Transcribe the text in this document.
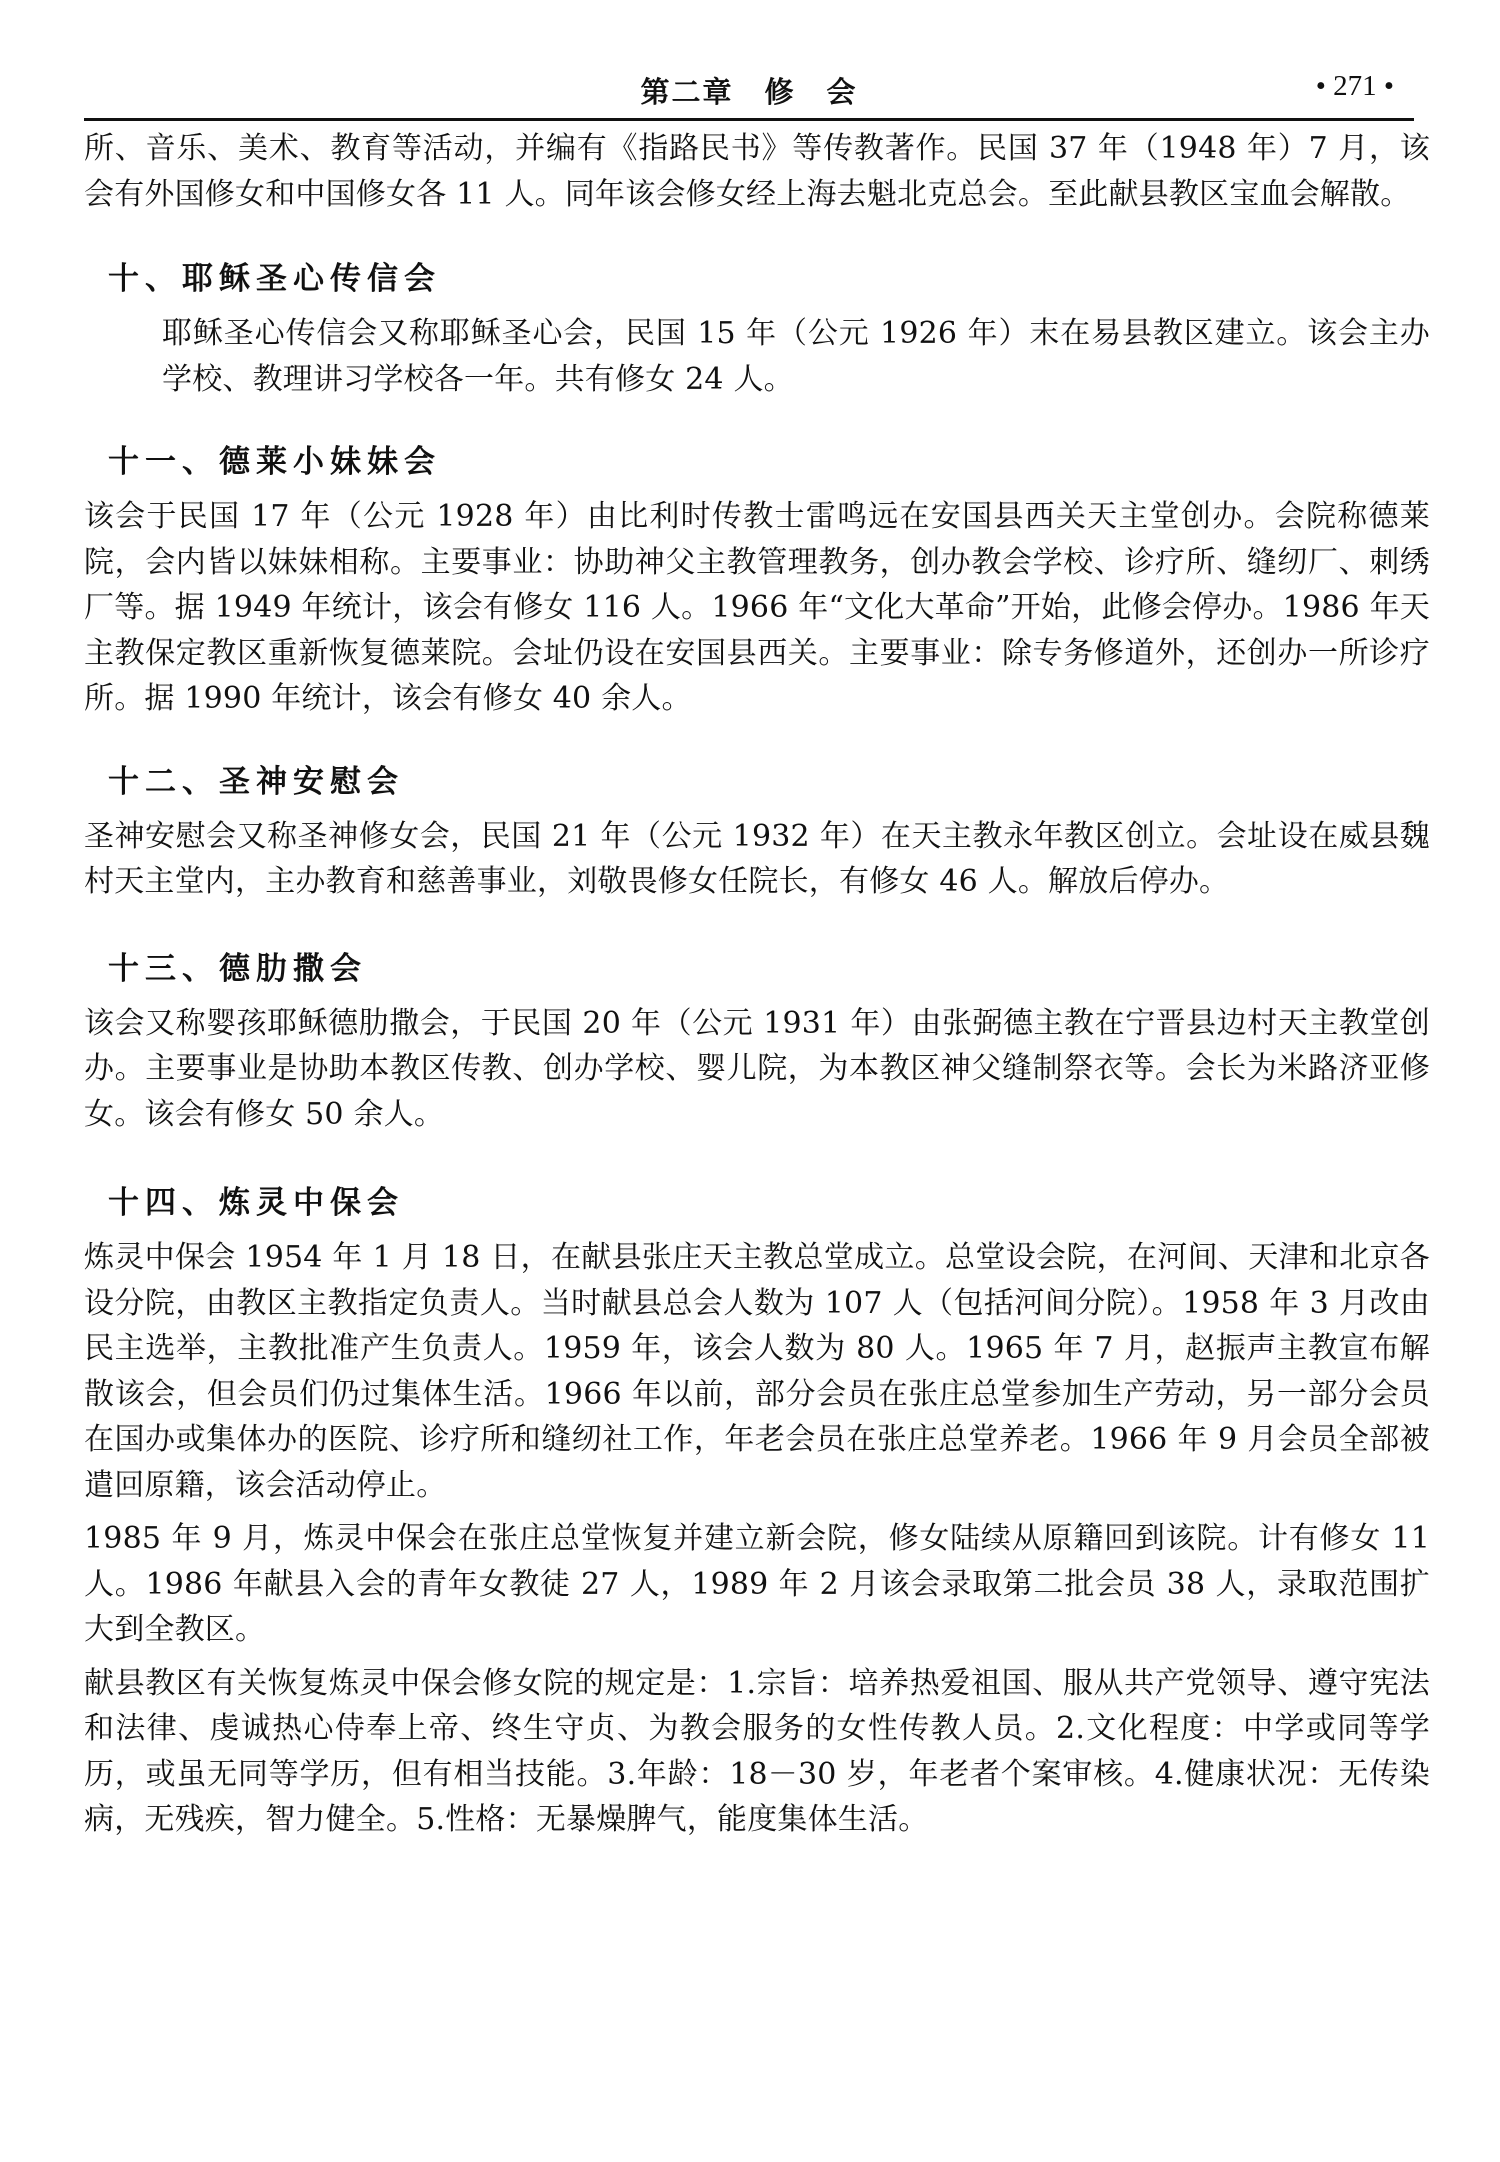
第二章　修　会	• 271 •

所、音乐、美术、教育等活动，并编有《指路民书》等传教著作。民国 37 年（1948 年）7 月，该会有外国修女和中国修女各 11 人。同年该会修女经上海去魁北克总会。至此献县教区宝血会解散。

十、耶稣圣心传信会

耶稣圣心传信会又称耶稣圣心会，民国 15 年（公元 1926 年）末在易县教区建立。该会主办学校、教理讲习学校各一年。共有修女 24 人。

十一、德莱小妹妹会

该会于民国 17 年（公元 1928 年）由比利时传教士雷鸣远在安国县西关天主堂创办。会院称德莱院，会内皆以妹妹相称。主要事业：协助神父主教管理教务，创办教会学校、诊疗所、缝纫厂、刺绣厂等。据 1949 年统计，该会有修女 116 人。1966 年“文化大革命”开始，此修会停办。1986 年天主教保定教区重新恢复德莱院。会址仍设在安国县西关。主要事业：除专务修道外，还创办一所诊疗所。据 1990 年统计，该会有修女 40 余人。

十二、圣神安慰会

圣神安慰会又称圣神修女会，民国 21 年（公元 1932 年）在天主教永年教区创立。会址设在威县魏村天主堂内，主办教育和慈善事业，刘敬畏修女任院长，有修女 46 人。解放后停办。

十三、德肋撒会

该会又称婴孩耶稣德肋撒会，于民国 20 年（公元 1931 年）由张弼德主教在宁晋县边村天主教堂创办。主要事业是协助本教区传教、创办学校、婴儿院，为本教区神父缝制祭衣等。会长为米路济亚修女。该会有修女 50 余人。

十四、炼灵中保会

炼灵中保会 1954 年 1 月 18 日，在献县张庄天主教总堂成立。总堂设会院，在河间、天津和北京各设分院，由教区主教指定负责人。当时献县总会人数为 107 人（包括河间分院）。1958 年 3 月改由民主选举，主教批准产生负责人。1959 年，该会人数为 80 人。1965 年 7 月，赵振声主教宣布解散该会，但会员们仍过集体生活。1966 年以前，部分会员在张庄总堂参加生产劳动，另一部分会员在国办或集体办的医院、诊疗所和缝纫社工作，年老会员在张庄总堂养老。1966 年 9 月会员全部被遣回原籍，该会活动停止。

1985 年 9 月，炼灵中保会在张庄总堂恢复并建立新会院，修女陆续从原籍回到该院。计有修女 11 人。1986 年献县入会的青年女教徒 27 人，1989 年 2 月该会录取第二批会员 38 人，录取范围扩大到全教区。

献县教区有关恢复炼灵中保会修女院的规定是：1.宗旨：培养热爱祖国、服从共产党领导、遵守宪法和法律、虔诚热心侍奉上帝、终生守贞、为教会服务的女性传教人员。2.文化程度：中学或同等学历，或虽无同等学历，但有相当技能。3.年龄：18－30 岁，年老者个案审核。4.健康状况：无传染病，无残疾，智力健全。5.性格：无暴燥脾气，能度集体生活。
